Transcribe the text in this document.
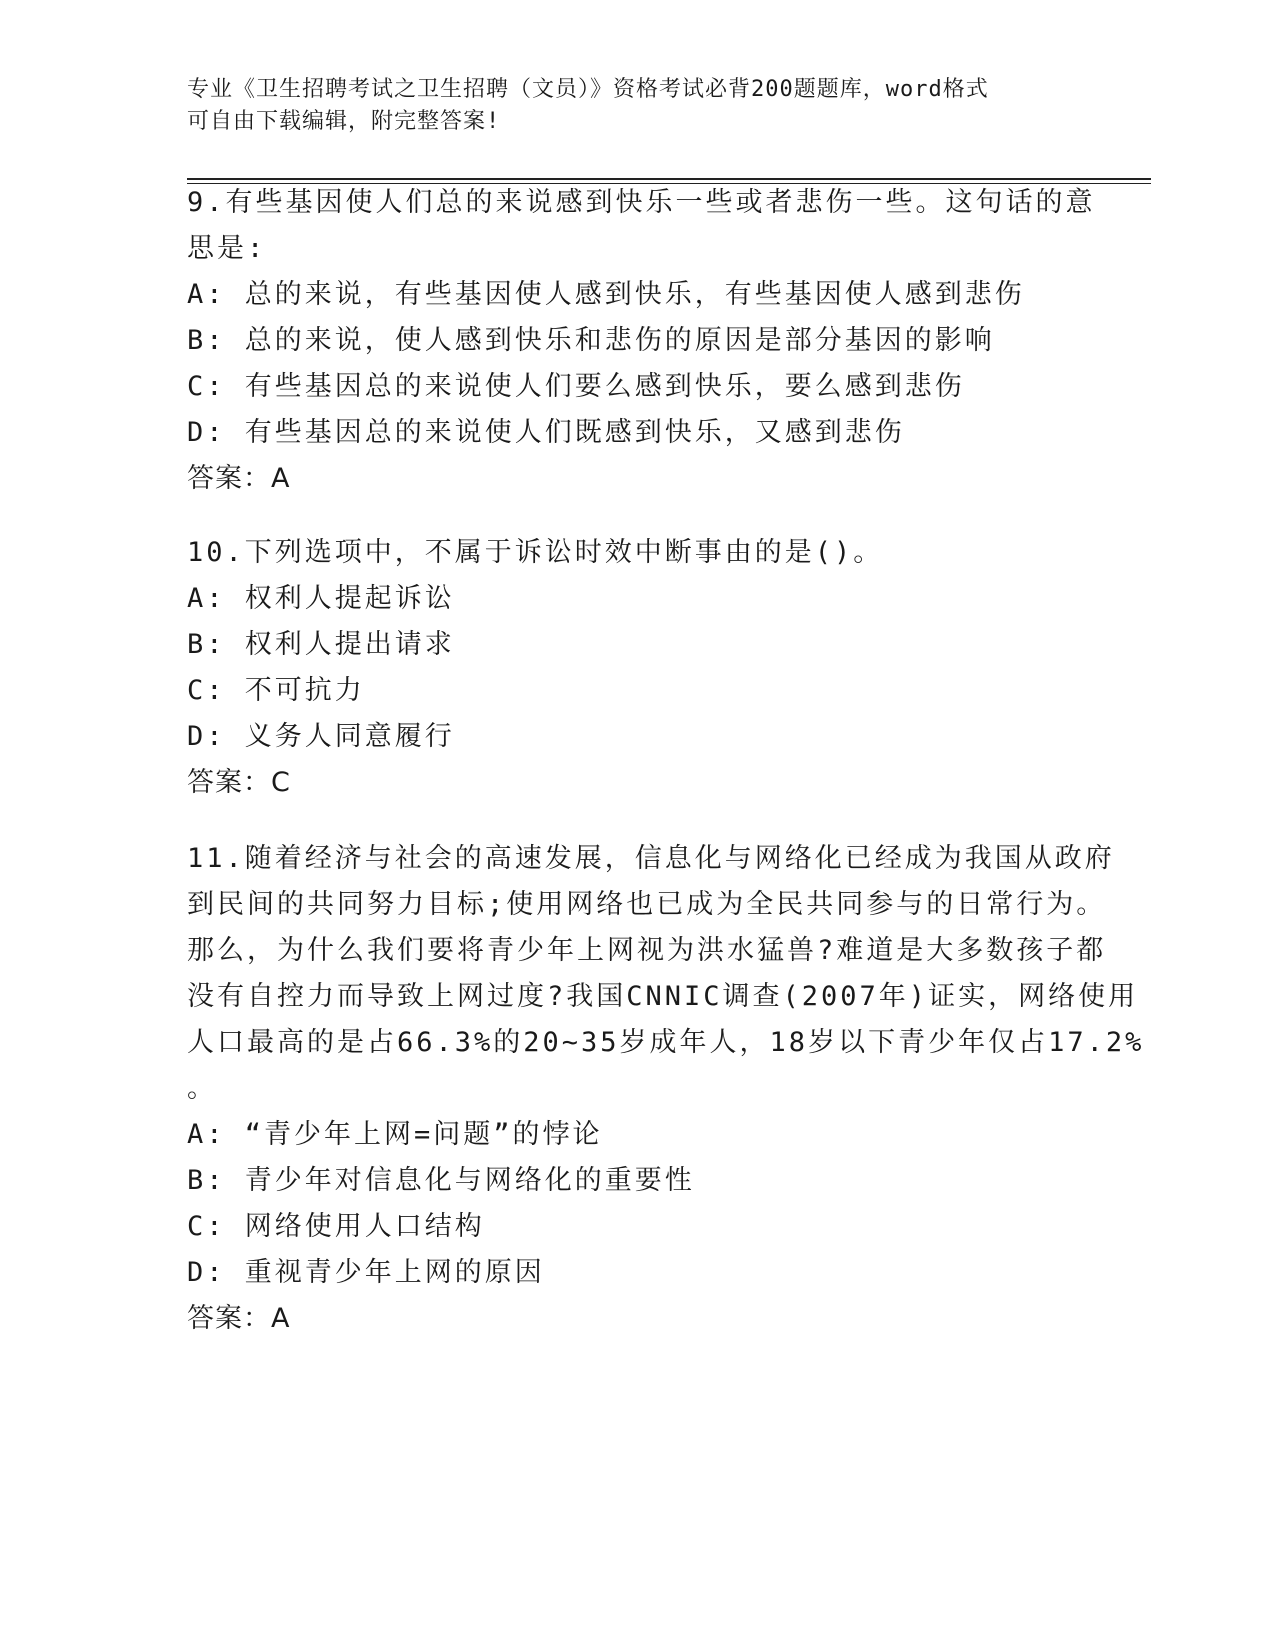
专业《卫生招聘考试之卫生招聘（文员）》资格考试必背200题题库，word格式
可自由下载编辑，附完整答案!
9.有些基因使人们总的来说感到快乐一些或者悲伤一些。这句话的意
思是:
A: 总的来说，有些基因使人感到快乐，有些基因使人感到悲伤
B: 总的来说，使人感到快乐和悲伤的原因是部分基因的影响
C: 有些基因总的来说使人们要么感到快乐，要么感到悲伤
D: 有些基因总的来说使人们既感到快乐，又感到悲伤
答案：A
10.下列选项中，不属于诉讼时效中断事由的是()。
A: 权利人提起诉讼
B: 权利人提出请求
C: 不可抗力
D: 义务人同意履行
答案：C
11.随着经济与社会的高速发展，信息化与网络化已经成为我国从政府
到民间的共同努力目标;使用网络也已成为全民共同参与的日常行为。
那么，为什么我们要将青少年上网视为洪水猛兽?难道是大多数孩子都
没有自控力而导致上网过度?我国CNNIC调查(2007年)证实，网络使用
人口最高的是占66.3%的20~35岁成年人，18岁以下青少年仅占17.2%
。
A: “青少年上网=问题”的悖论
B: 青少年对信息化与网络化的重要性
C: 网络使用人口结构
D: 重视青少年上网的原因
答案：A
